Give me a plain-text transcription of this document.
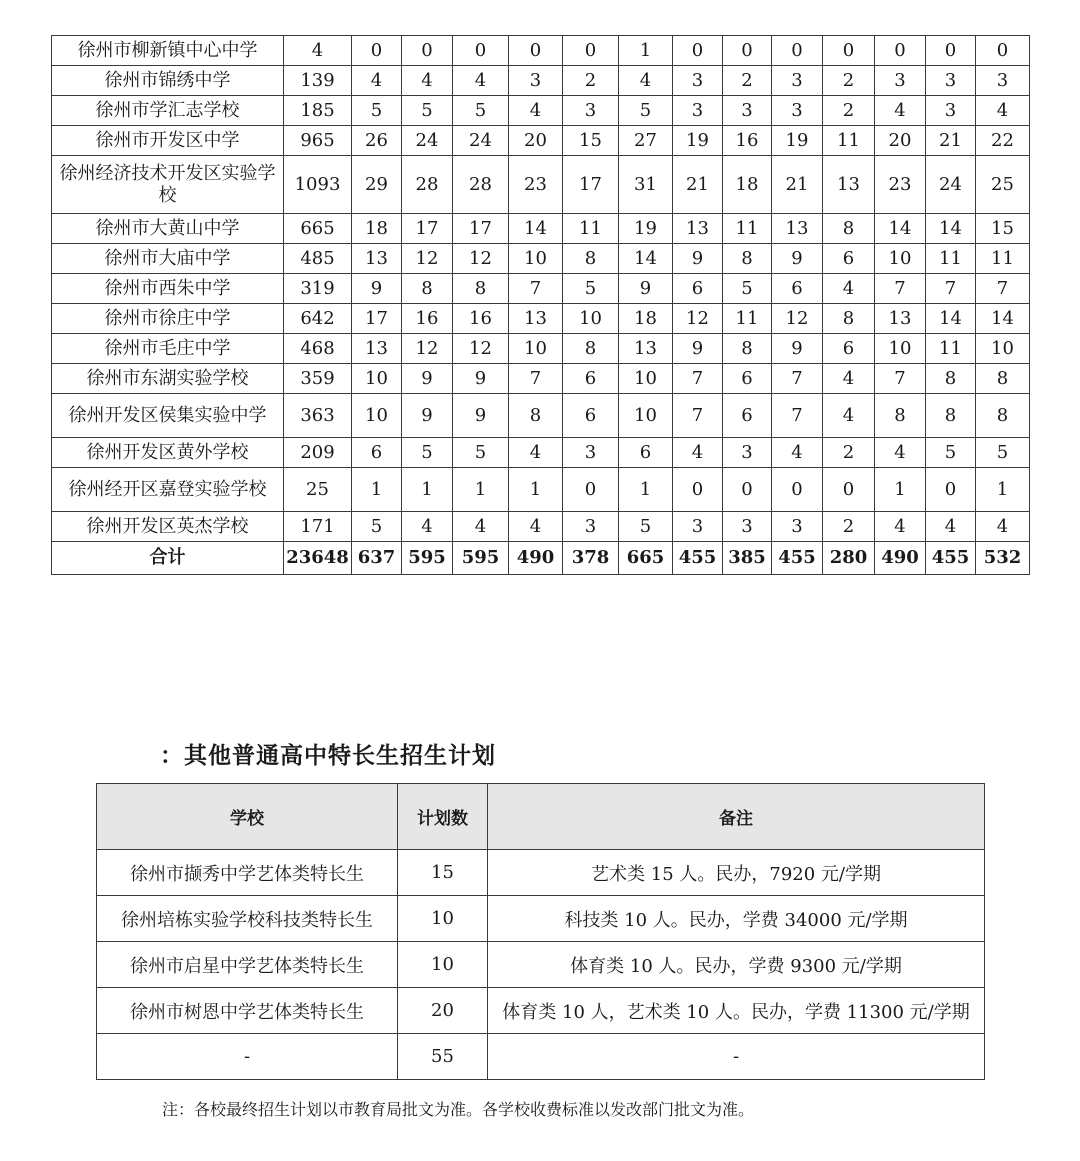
徐州市柳新镇中心中学	4	0	0	0	0	0	1	0	0	0	0	0	0	0
徐州市锦绣中学	139	4	4	4	3	2	4	3	2	3	2	3	3	3
徐州市学汇志学校	185	5	5	5	4	3	5	3	3	3	2	4	3	4
徐州市开发区中学	965	26	24	24	20	15	27	19	16	19	11	20	21	22
徐州经济技术开发区实验学校	1093	29	28	28	23	17	31	21	18	21	13	23	24	25
徐州市大黄山中学	665	18	17	17	14	11	19	13	11	13	8	14	14	15
徐州市大庙中学	485	13	12	12	10	8	14	9	8	9	6	10	11	11
徐州市西朱中学	319	9	8	8	7	5	9	6	5	6	4	7	7	7
徐州市徐庄中学	642	17	16	16	13	10	18	12	11	12	8	13	14	14
徐州市毛庄中学	468	13	12	12	10	8	13	9	8	9	6	10	11	10
徐州市东湖实验学校	359	10	9	9	7	6	10	7	6	7	4	7	8	8
徐州开发区侯集实验中学	363	10	9	9	8	6	10	7	6	7	4	8	8	8
徐州开发区黄外学校	209	6	5	5	4	3	6	4	3	4	2	4	5	5
徐州经开区嘉登实验学校	25	1	1	1	1	0	1	0	0	0	0	1	0	1
徐州开发区英杰学校	171	5	4	4	4	3	5	3	3	3	2	4	4	4
合计	23648	637	595	595	490	378	665	455	385	455	280	490	455	532
：其他普通高中特长生招生计划
学校	计划数	备注
徐州市撷秀中学艺体类特长生	15	艺术类 15 人。民办，7920 元/学期
徐州培栋实验学校科技类特长生	10	科技类 10 人。民办，学费 34000 元/学期
徐州市启星中学艺体类特长生	10	体育类 10 人。民办，学费 9300 元/学期
徐州市树恩中学艺体类特长生	20	体育类 10 人，艺术类 10 人。民办，学费 11300 元/学期
-	55	-
注：各校最终招生计划以市教育局批文为准。各学校收费标准以发改部门批文为准。
